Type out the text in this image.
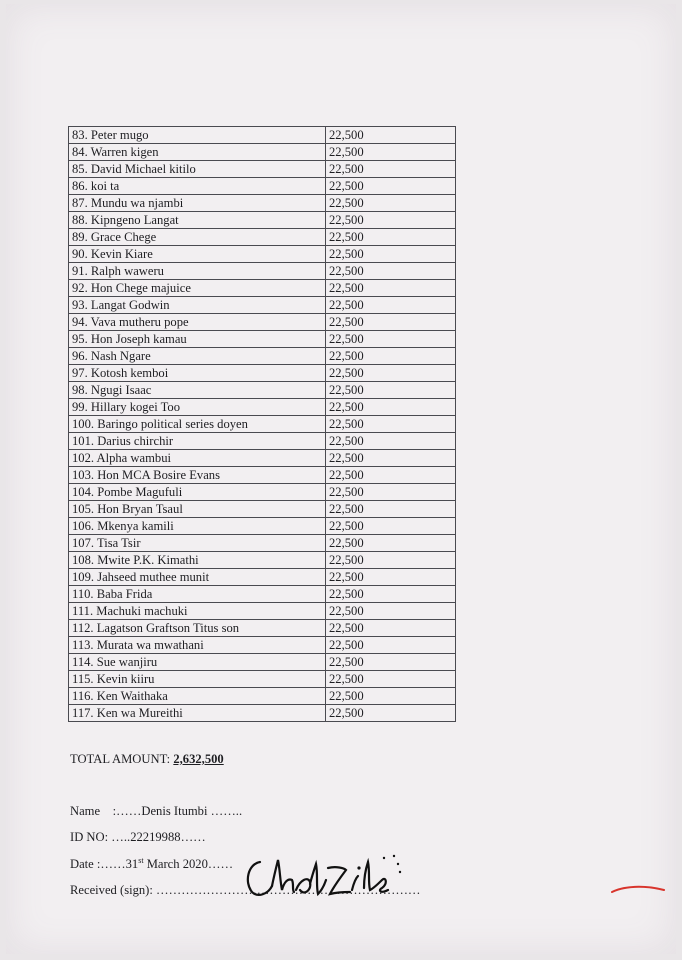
83. Peter mugo	22,500
84. Warren kigen	22,500
85. David Michael kitilo	22,500
86. koi ta	22,500
87. Mundu wa njambi	22,500
88. Kipngeno Langat	22,500
89. Grace Chege	22,500
90. Kevin Kiare	22,500
91. Ralph waweru	22,500
92. Hon Chege majuice	22,500
93. Langat Godwin	22,500
94. Vava mutheru pope	22,500
95. Hon Joseph kamau	22,500
96. Nash Ngare	22,500
97. Kotosh kemboi	22,500
98. Ngugi Isaac	22,500
99. Hillary kogei Too	22,500
100. Baringo political series doyen	22,500
101. Darius chirchir	22,500
102. Alpha wambui	22,500
103. Hon MCA Bosire Evans	22,500
104. Pombe Magufuli	22,500
105. Hon Bryan Tsaul	22,500
106. Mkenya kamili	22,500
107. Tisa Tsir	22,500
108. Mwite P.K. Kimathi	22,500
109. Jahseed muthee munit	22,500
110. Baba Frida	22,500
111. Machuki machuki	22,500
112. Lagatson Graftson Titus son	22,500
113. Murata wa mwathani	22,500
114. Sue wanjiru	22,500
115. Kevin kiiru	22,500
116. Ken Waithaka	22,500
117. Ken wa Mureithi	22,500
TOTAL AMOUNT: 2,632,500
Name :……Denis Itumbi ……..
ID NO: …..22219988……
Date :……31st March 2020……
Received (sign): ………………………………………………………
